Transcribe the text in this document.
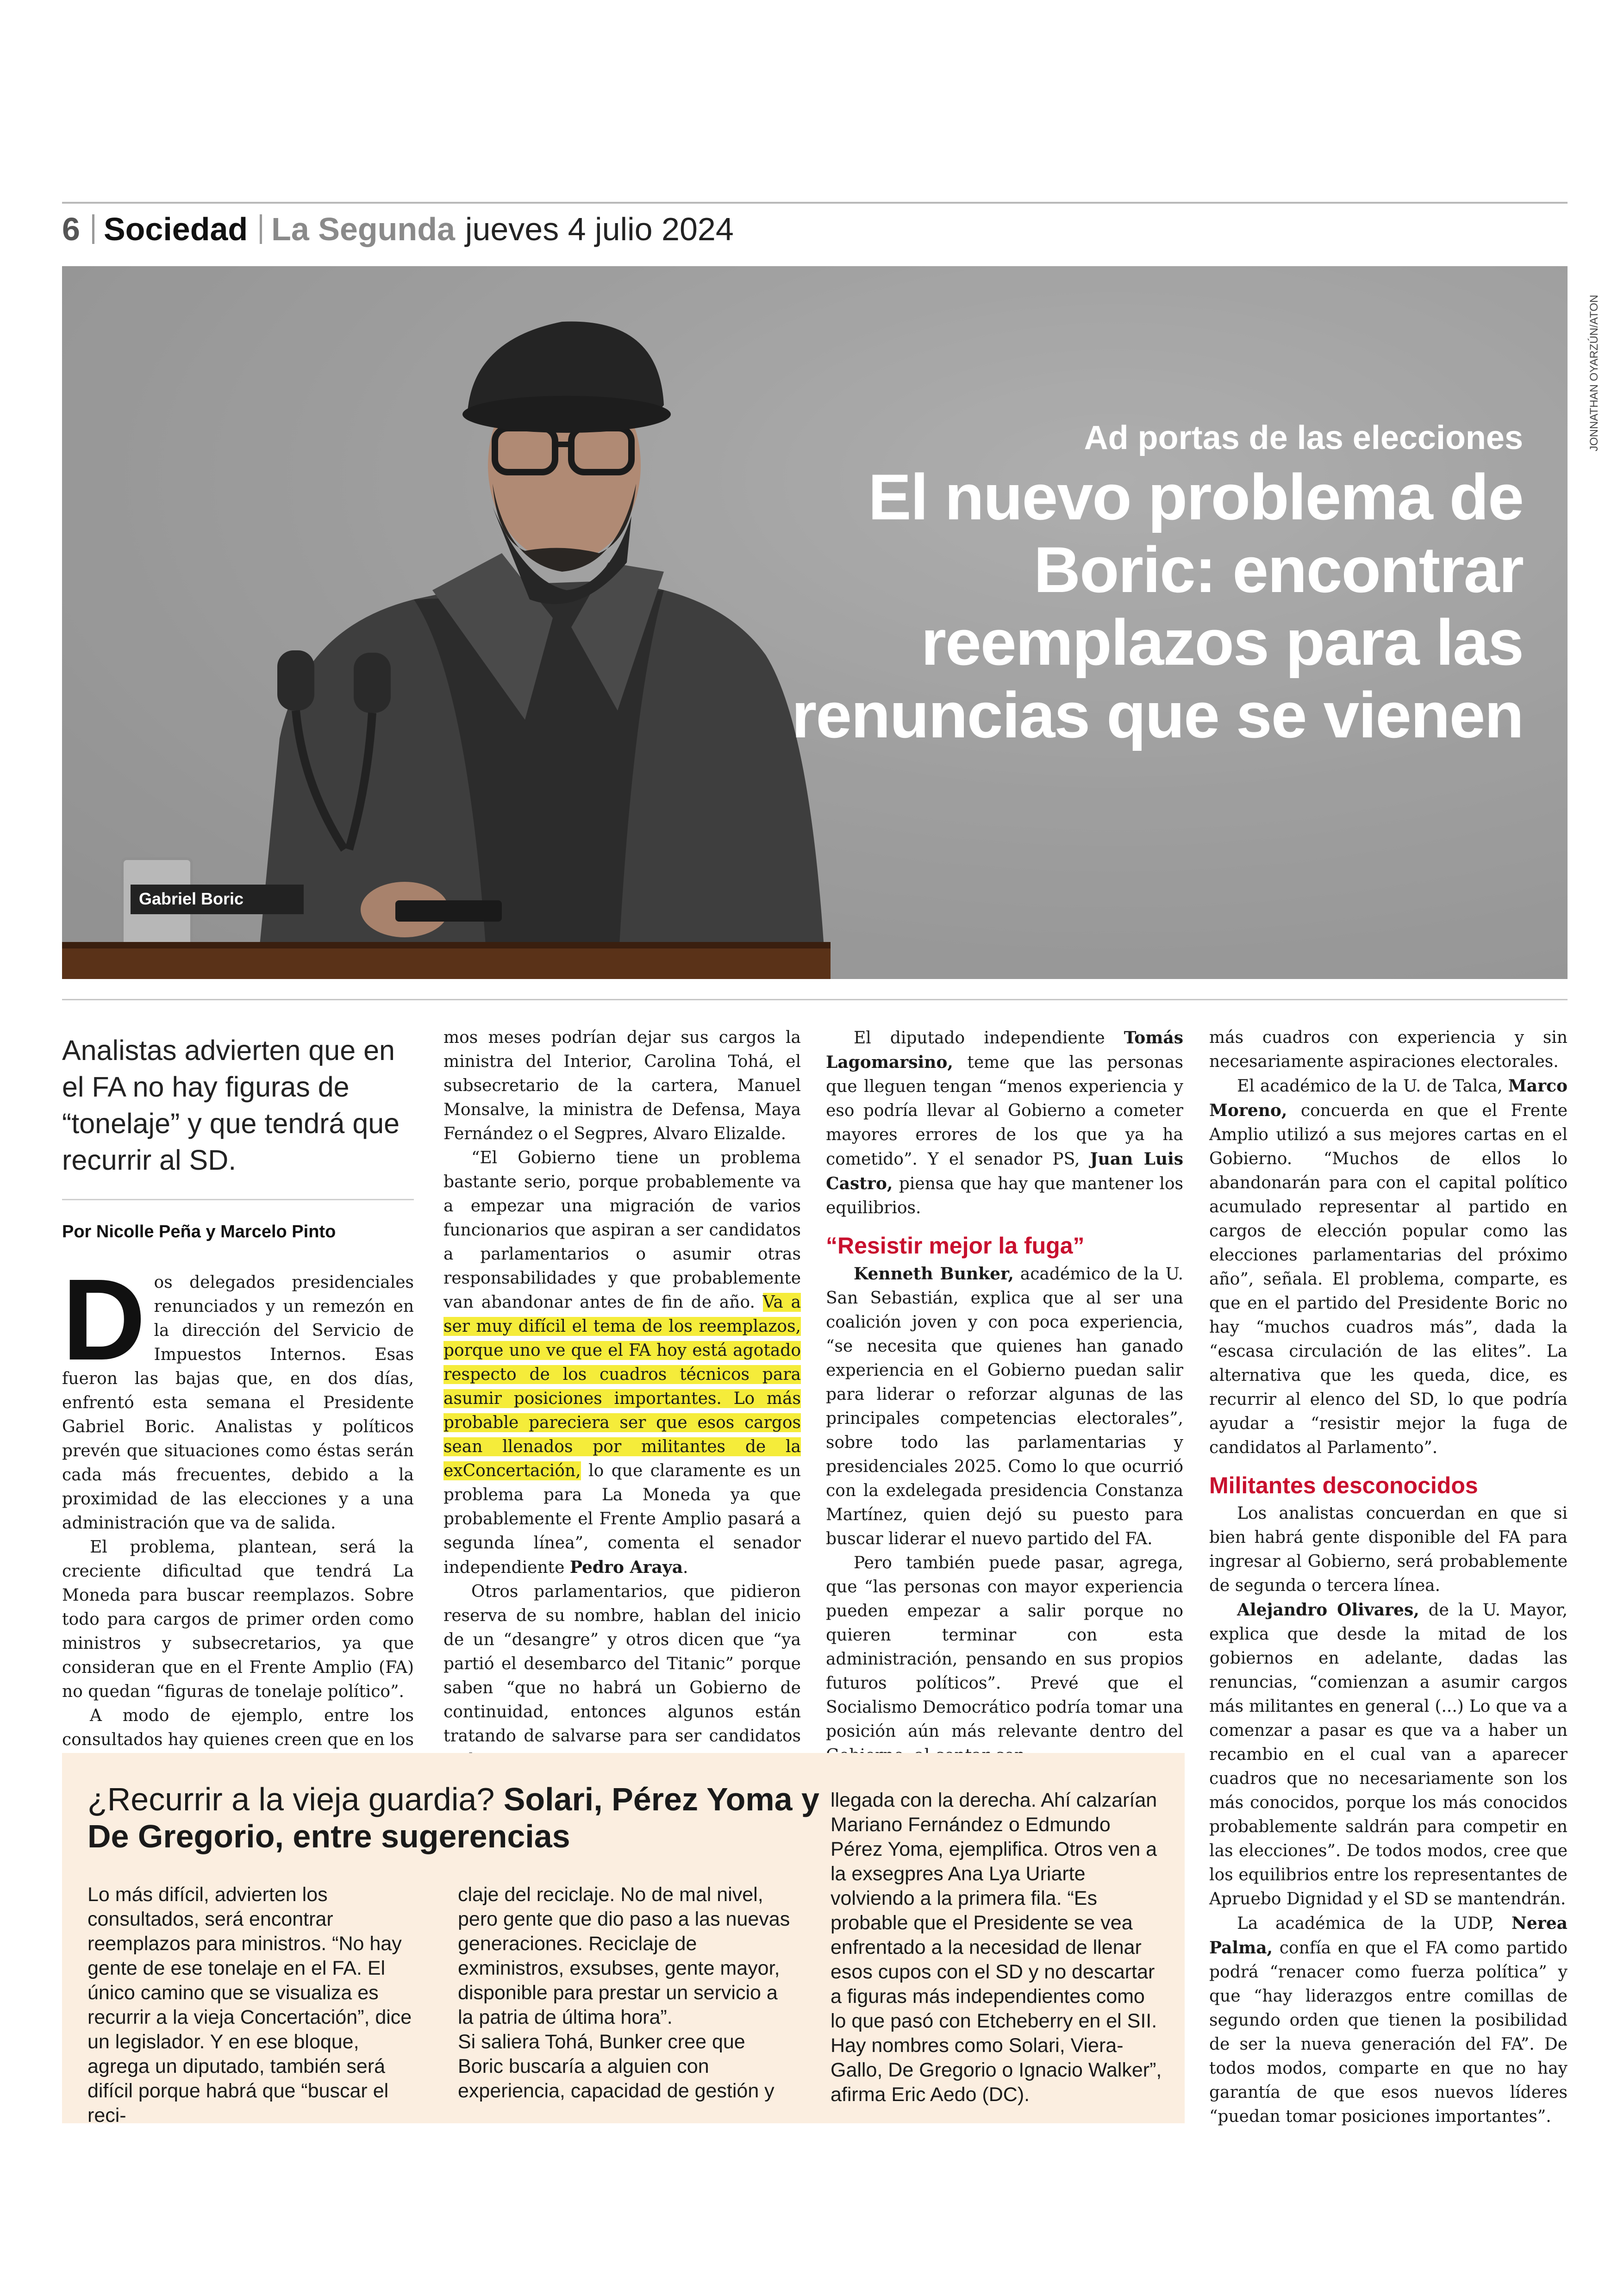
6 Sociedad La Segunda jueves 4 julio 2024
Ad portas de las elecciones
El nuevo problema de Boric: encontrar reemplazos para las renuncias que se vienen
Gabriel Boric
JONNATHAN OYARZÚN/ATON
Analistas advierten que en el FA no hay figuras de “tonelaje” y que tendrá que recurrir al SD.
Por Nicolle Peña y Marcelo Pinto

Dos delegados presidenciales renunciados y un remezón en la dirección del Servicio de Impuestos Internos. Esas fueron las bajas que, en dos días, enfrentó esta semana el Presidente Gabriel Boric. Analistas y políticos prevén que situaciones como éstas serán cada más frecuentes, debido a la proximidad de las elecciones y a una administración que va de salida.

El problema, plantean, será la creciente dificultad que tendrá La Moneda para buscar reemplazos. Sobre todo para cargos de primer orden como ministros y subsecretarios, ya que consideran que en el Frente Amplio (FA) no quedan “figuras de tonelaje político”.

A modo de ejemplo, entre los consultados hay quienes creen que en los

mos meses podrían dejar sus cargos la ministra del Interior, Carolina Tohá, el subsecretario de la cartera, Manuel Monsalve, la ministra de Defensa, Maya Fernández o el Segpres, Alvaro Elizalde.

“El Gobierno tiene un problema bastante serio, porque probablemente va a empezar una migración de varios funcionarios que aspiran a ser candidatos a parlamentarios o asumir otras responsabilidades y que probablemente van abandonar antes de fin de año. Va a ser muy difícil el tema de los reemplazos, porque uno ve que el FA hoy está agotado respecto de los cuadros técnicos para asumir posiciones importantes. Lo más probable pareciera ser que esos cargos sean llenados por militantes de la exConcertación, lo que claramente es un problema para La Moneda ya que probablemente el Frente Amplio pasará a segunda línea”, comenta el senador independiente Pedro Araya.

Otros parlamentarios, que pidieron reserva de su nombre, hablan del inicio de un “desangre” y otros dicen que “ya partió el desembarco del Titanic” porque saben “que no habrá un Gobierno de continuidad, entonces algunos están tratando de salvarse para ser candidatos

El diputado independiente Tomás Lagomarsino, teme que las personas que lleguen tengan “menos experiencia y eso podría llevar al Gobierno a cometer mayores errores de los que ya ha cometido”. Y el senador PS, Juan Luis Castro, piensa que hay que mantener los equilibrios.

“Resistir mejor la fuga”

Kenneth Bunker, académico de la U. San Sebastián, explica que al ser una coalición joven y con poca experiencia, “se necesita que quienes han ganado experiencia en el Gobierno puedan salir para liderar o reforzar algunas de las principales competencias electorales”, sobre todo las parlamentarias y presidenciales 2025. Como lo que ocurrió con la exdelegada presidencia Constanza Martínez, quien dejó su puesto para buscar liderar el nuevo partido del FA.

Pero también puede pasar, agrega, que “las personas con mayor experiencia pueden empezar a salir porque no quieren terminar con esta administración, pensando en sus propios futuros políticos”. Prevé que el Socialismo Democrático podría tomar una posición aún más relevante dentro del

más cuadros con experiencia y sin necesariamente aspiraciones electorales.

El académico de la U. de Talca, Marco Moreno, concuerda en que el Frente Amplio utilizó a sus mejores cartas en el Gobierno. “Muchos de ellos lo abandonarán para con el capital político acumulado representar al partido en cargos de elección popular como las elecciones parlamentarias del próximo año”, señala. El problema, comparte, es que en el partido del Presidente Boric no hay “muchos cuadros más”, dada la “escasa circulación de las elites”. La alternativa que les queda, dice, es recurrir al elenco del SD, lo que podría ayudar a “resistir mejor la fuga de candidatos al Parlamento”.

Militantes desconocidos

Los analistas concuerdan en que si bien habrá gente disponible del FA para ingresar al Gobierno, será probablemente de segunda o tercera línea.

Alejandro Olivares, de la U. Mayor, explica que desde la mitad de los gobiernos en adelante, dadas las renuncias, “comienzan a asumir cargos más militantes en general (...) Lo que va a comenzar a pasar es que va a haber un recambio en el cual van a aparecer cuadros que no necesariamente son los más conocidos, porque los más conocidos probablemente saldrán para competir en las elecciones”. De todos modos, cree que los equilibrios entre los representantes de Apruebo Dignidad y el SD se mantendrán.

La académica de la UDP, Nerea Palma, confía en que el FA como partido podrá “renacer como fuerza política” y que “hay liderazgos entre comillas de segundo orden que tienen la posibilidad de ser la nueva generación del FA”. De todos modos, comparte en que no hay garantía de que esos nuevos líderes “puedan tomar posiciones importantes”.

¿Recurrir a la vieja guardia? Solari, Pérez Yoma y De Gregorio, entre sugerencias

Lo más difícil, advierten los consultados, será encontrar reemplazos para ministros. “No hay gente de ese tonelaje en el FA. El único camino que se visualiza es recurrir a la vieja Concertación”, dice un legislador. Y en ese bloque, agrega un diputado, también será difícil porque habrá que “buscar el reci-

claje del reciclaje. No de mal nivel, pero gente que dio paso a las nuevas generaciones. Reciclaje de exministros, exsubses, gente mayor, disponible para prestar un servicio a la patria de última hora”.

Si saliera Tohá, Bunker cree que Boric buscaría a alguien con experiencia, capacidad de gestión y

llegada con la derecha. Ahí calzarían Mariano Fernández o Edmundo Pérez Yoma, ejemplifica. Otros ven a la exsegpres Ana Lya Uriarte volviendo a la primera fila. “Es probable que el Presidente se vea enfrentado a la necesidad de llenar esos cupos con el SD y no descartar a figuras más independientes como lo que pasó con Etcheberry en el SII. Hay nombres como Solari, Viera-Gallo, De Gregorio o Ignacio Walker”, afirma Eric Aedo (DC).
